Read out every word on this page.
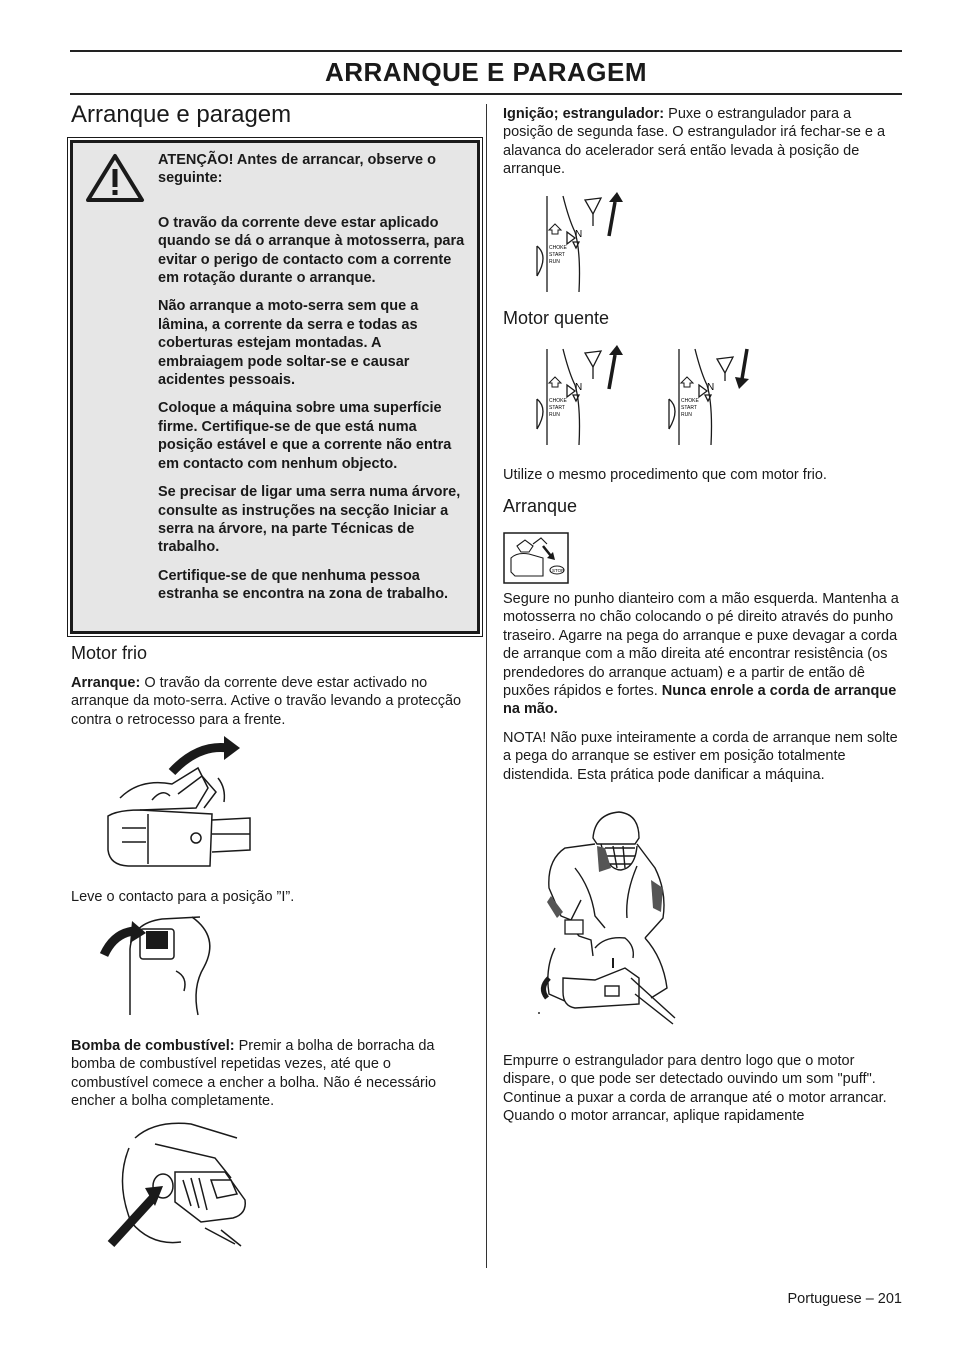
ARRANQUE E PARAGEM
Arranque e paragem

ATENÇÃO! Antes de arrancar, observe o seguinte:

O travão da corrente deve estar aplicado quando se dá o arranque à motosserra, para evitar o perigo de contacto com a corrente em rotação durante o arranque.

Não arranque a moto-serra sem que a lâmina, a corrente da serra e todas as coberturas estejam montadas. A embraiagem pode soltar-se e causar acidentes pessoais.

Coloque a máquina sobre uma superfície firme. Certifique-se de que está numa posição estável e que a corrente não entra em contacto com nenhum objecto.

Se precisar de ligar uma serra numa árvore, consulte as instruções na secção Iniciar a serra na árvore, na parte Técnicas de trabalho.

Certifique-se de que nenhuma pessoa estranha se encontra na zona de trabalho.

Motor frio

Arranque: O travão da corrente deve estar activado no arranque da moto-serra. Active o travão levando a protecção contra o retrocesso para a frente.

Leve o contacto para a posição ”I”.

Bomba de combustível: Premir a bolha de borracha da bomba de combustível repetidas vezes, até que o combustível comece a encher a bolha. Não é necessário encher a bolha completamente.

Ignição; estrangulador: Puxe o estrangulador para a posição de segunda fase. O estrangulador irá fechar-se e a alavanca do acelerador será então levada à posição de arranque.

N
CHOKE
START
RUN
Motor quente
N
CHOKE
START
RUN
N
CHOKE
START
RUN

Utilize o mesmo procedimento que com motor frio.

Arranque
STOP

Segure no punho dianteiro com a mão esquerda. Mantenha a motosserra no chão colocando o pé direito através do punho traseiro. Agarre na pega do arranque e puxe devagar a corda de arranque com a mão direita até encontrar resistência (os prendedores do arranque actuam) e a partir de então dê puxões rápidos e fortes. Nunca enrole a corda de arranque na mão.

NOTA! Não puxe inteiramente a corda de arranque nem solte a pega do arranque se estiver em posição totalmente distendida. Esta prática pode danificar a máquina.

Empurre o estrangulador para dentro logo que o motor dispare, o que pode ser detectado ouvindo um som "puff". Continue a puxar a corda de arranque até o motor arrancar. Quando o motor arrancar, aplique rapidamente

Portuguese – 201
